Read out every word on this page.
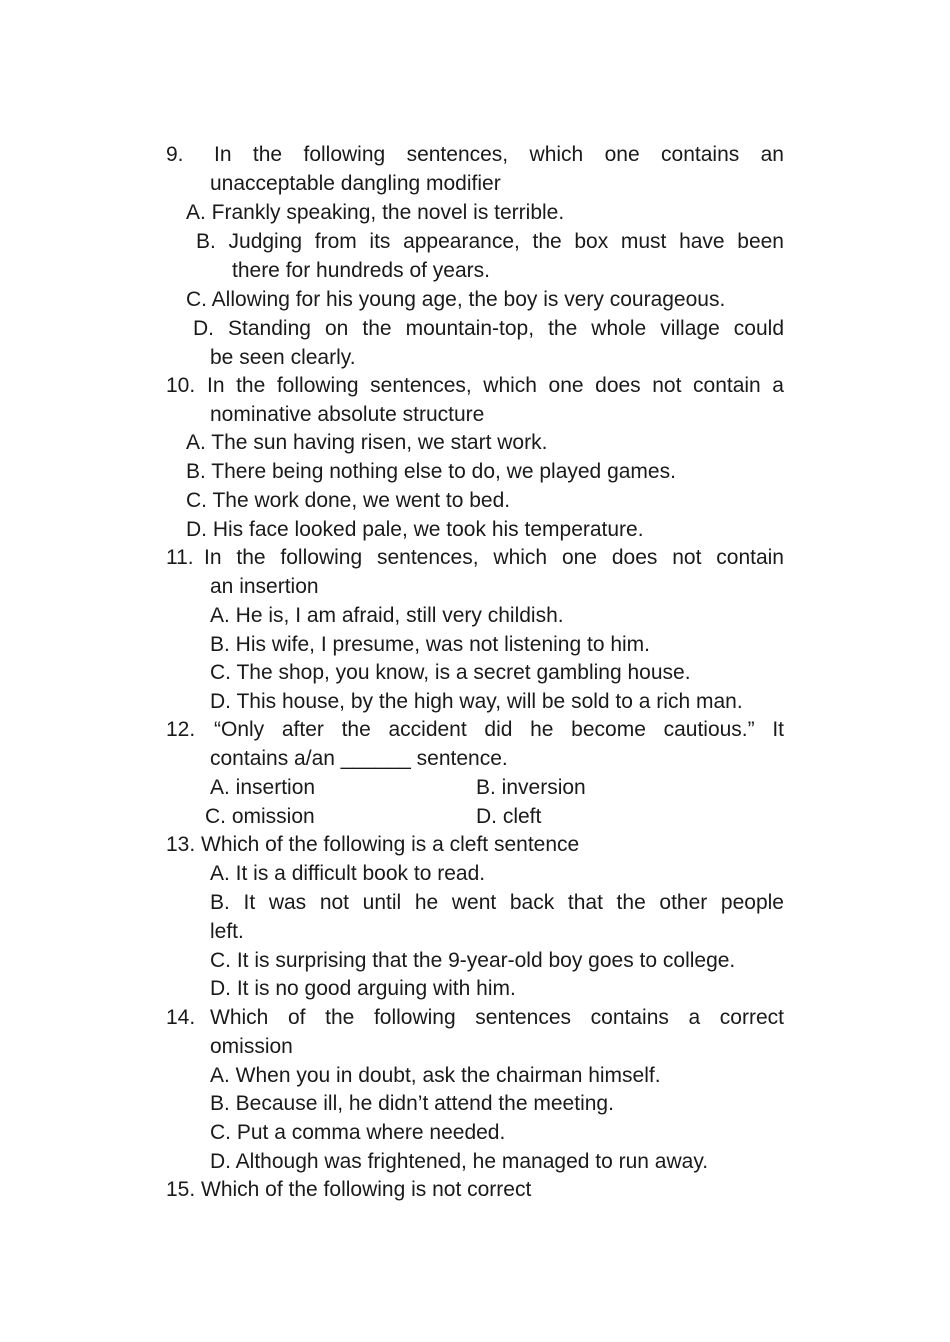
9. In the following sentences, which one contains an
unacceptable dangling modifier
A. Frankly speaking, the novel is terrible.
B. Judging from its appearance, the box must have been
there for hundreds of years.
C. Allowing for his young age, the boy is very courageous.
D. Standing on the mountain-top, the whole village could
be seen clearly.
10. In the following sentences, which one does not contain a
nominative absolute structure
A. The sun having risen, we start work.
B. There being nothing else to do, we played games.
C. The work done, we went to bed.
D. His face looked pale, we took his temperature.
11. In the following sentences, which one does not contain
an insertion
A. He is, I am afraid, still very childish.
B. His wife, I presume, was not listening to him.
C. The shop, you know, is a secret gambling house.
D. This house, by the high way, will be sold to a rich man.
12. “Only after the accident did he become cautious.” It
contains a/an ______ sentence.
A. insertion	B. inversion
C. omission	D. cleft
13. Which of the following is a cleft sentence
A. It is a difficult book to read.
B. It was not until he went back that the other people
left.
C. It is surprising that the 9-year-old boy goes to college.
D. It is no good arguing with him.
14. Which of the following sentences contains a correct
omission
A. When you in doubt, ask the chairman himself.
B. Because ill, he didn’t attend the meeting.
C. Put a comma where needed.
D. Although was frightened, he managed to run away.
15. Which of the following is not correct
